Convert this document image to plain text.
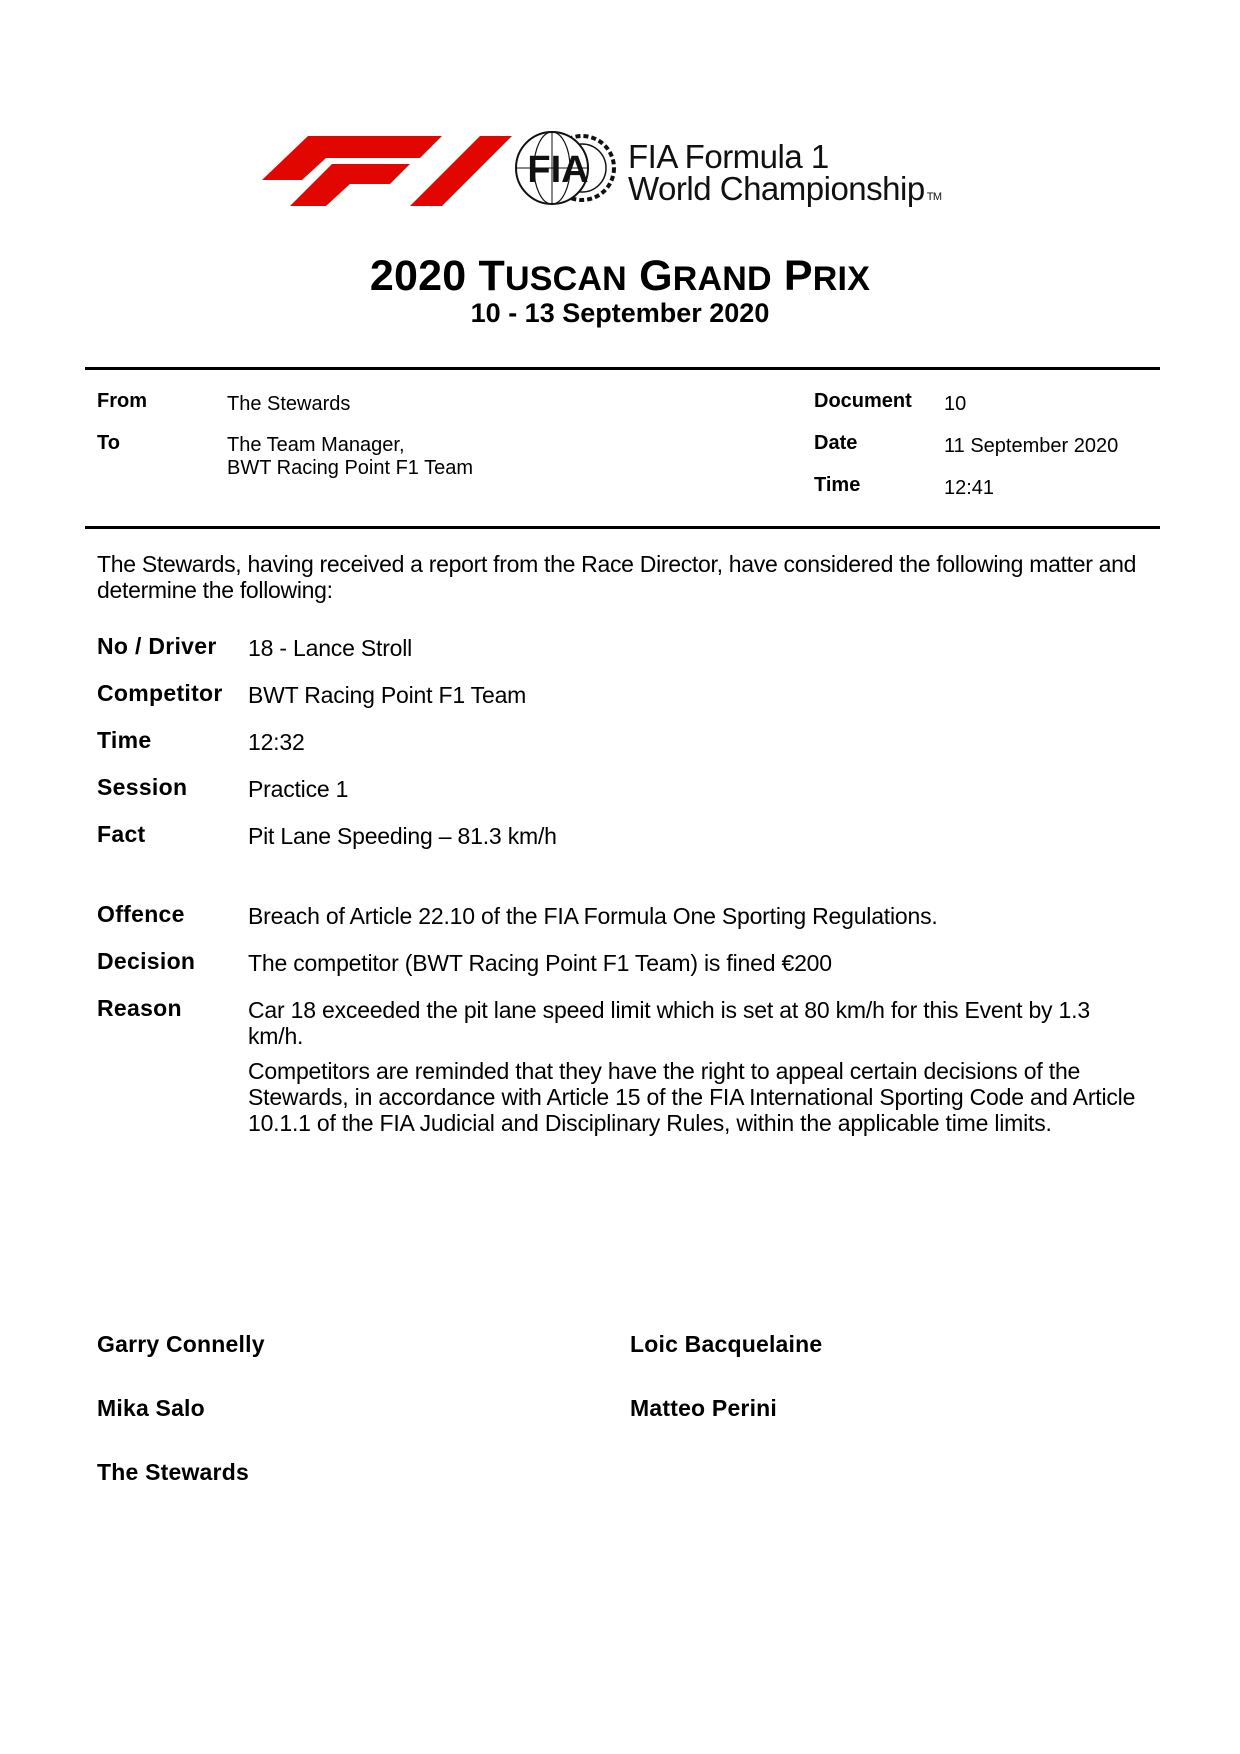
FIA FIA Formula 1
World Championship TM
2020 TUSCAN GRAND PRIX
10 - 13 September 2020
From	The Stewards
To	The Team Manager,
BWT Racing Point F1 Team
Document 10
Date	11 September 2020
Time	12:41
The Stewards, having received a report from the Race Director, have considered the following matter and determine the following:
No / Driver 18 - Lance Stroll
Competitor BWT Racing Point F1 Team
Time	12:32
Session	Practice 1
Fact	Pit Lane Speeding – 81.3 km/h
Offence	Breach of Article 22.10 of the FIA Formula One Sporting Regulations.
Decision The competitor (BWT Racing Point F1 Team) is fined €200
Reason	Car 18 exceeded the pit lane speed limit which is set at 80 km/h for this Event by 1.3 km/h.
Competitors are reminded that they have the right to appeal certain decisions of the Stewards, in accordance with Article 15 of the FIA International Sporting Code and Article 10.1.1 of the FIA Judicial and Disciplinary Rules, within the applicable time limits.
Garry Connelly	Loic Bacquelaine
Mika Salo	Matteo Perini
The Stewards
